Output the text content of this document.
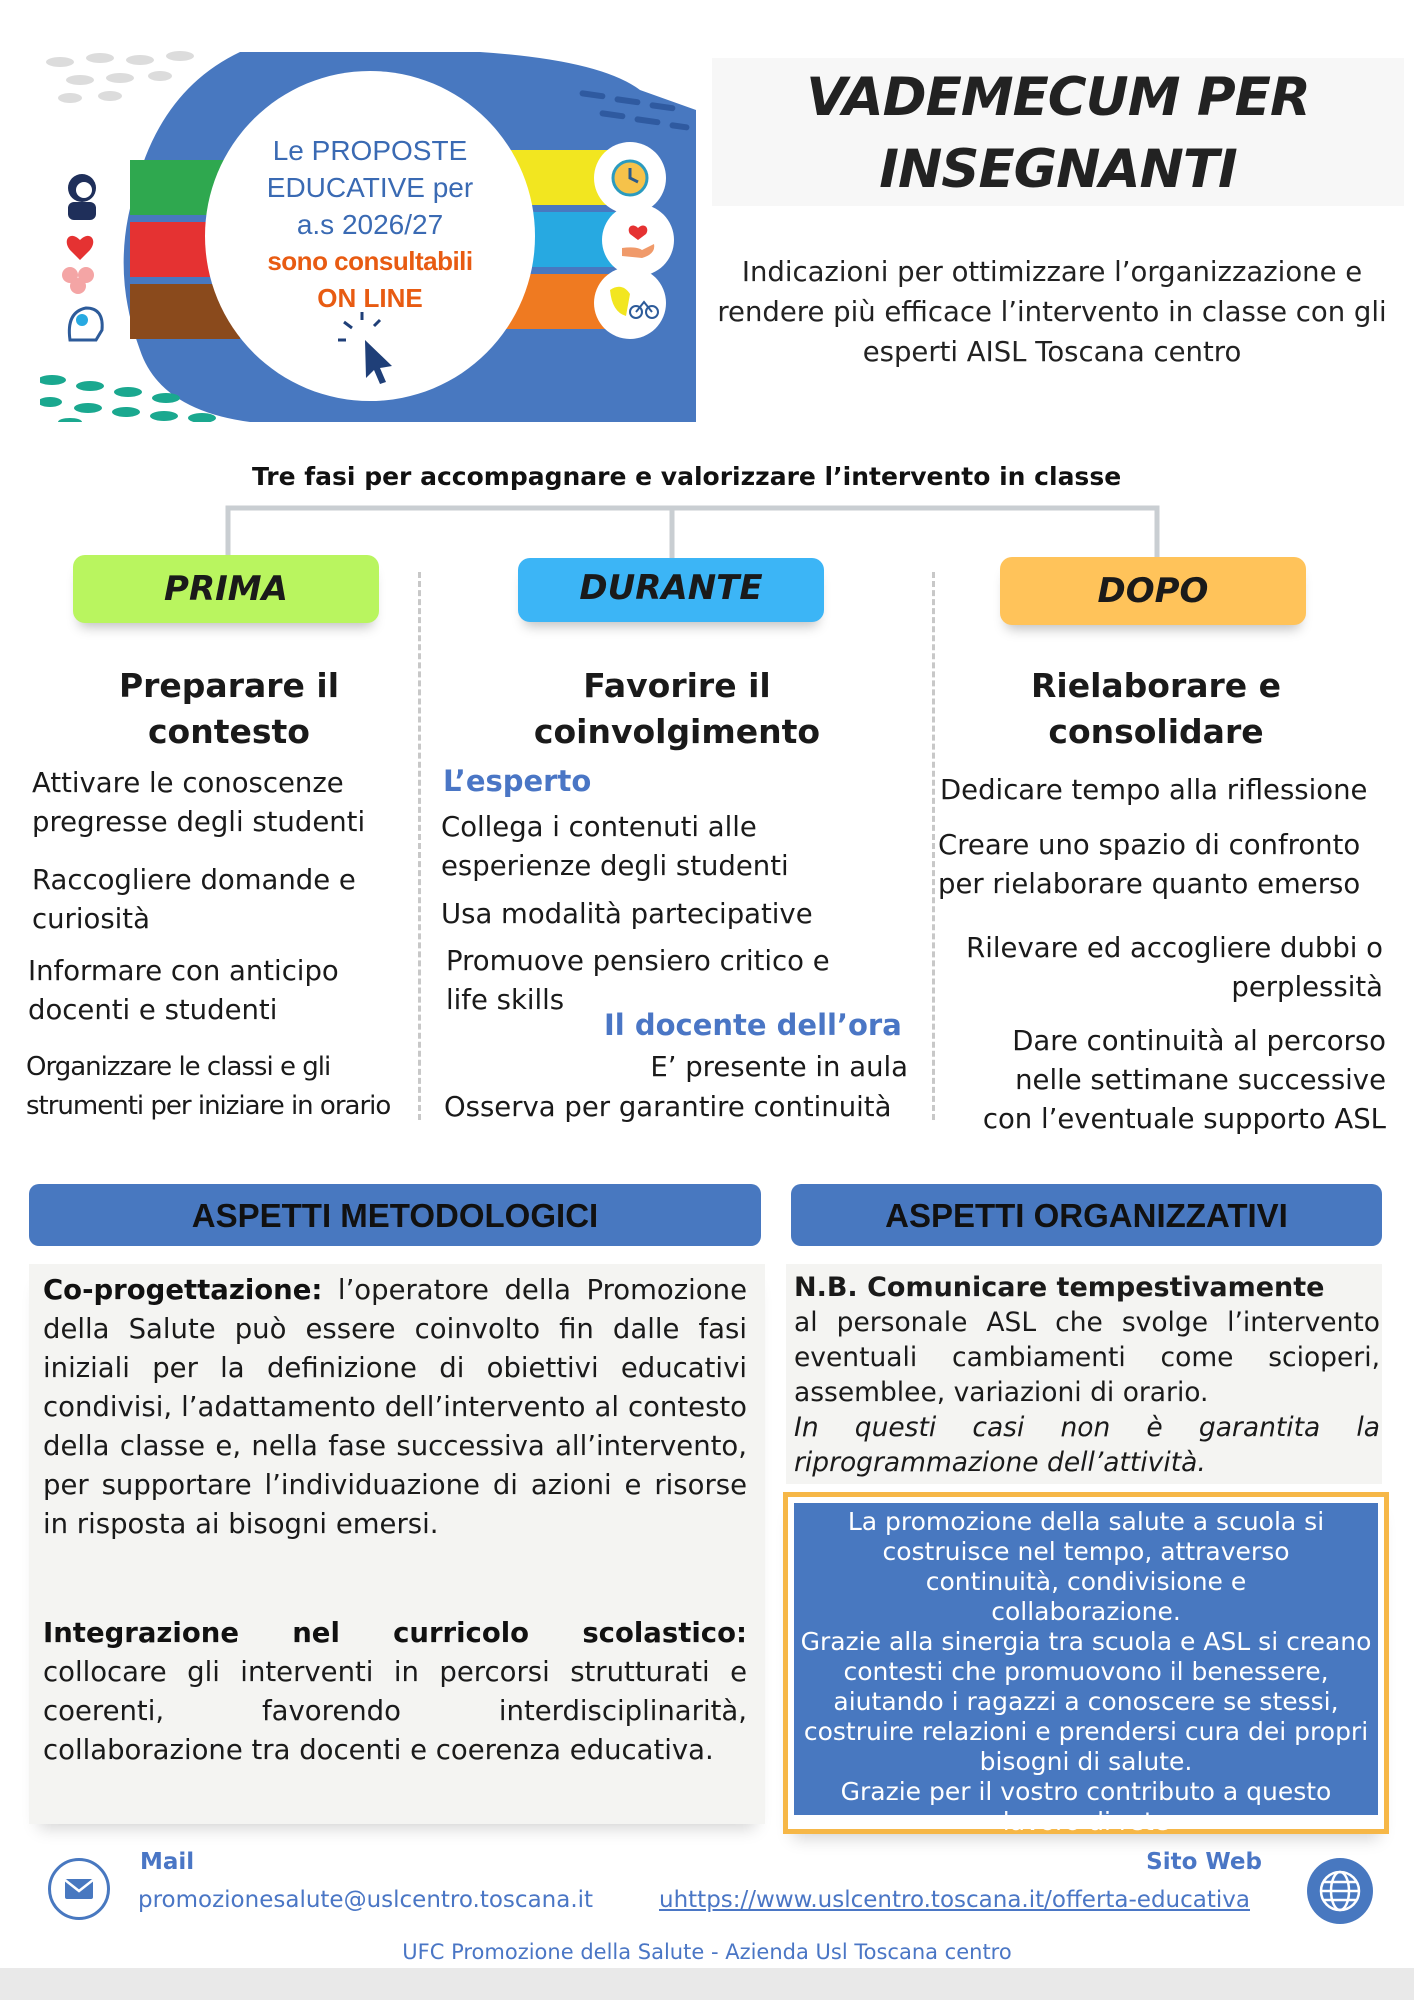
Le PROPOSTE
EDUCATIVE per
a.s 2026/27
sono consultabili
ON LINE
VADEMECUM PER
INSEGNANTI
Indicazioni per ottimizzare l’organizzazione e rendere più efficace l’intervento in classe con gli esperti AISL Toscana centro
Tre fasi per accompagnare e valorizzare l’intervento in classe
PRIMA	DURANTE	DOPO
Preparare il
contesto
Attivare le conoscenze pregresse degli studenti
Raccogliere domande e curiosità
Informare con anticipo docenti e studenti
Organizzare le classi e gli strumenti per iniziare in orario
Favorire il
coinvolgimento
L’esperto
Collega i contenuti alle esperienze degli studenti
Usa modalità partecipative
Promuove pensiero critico e life skills
Il docente dell’ora
E’ presente in aula
Osserva per garantire continuità
Rielaborare e
consolidare
Dedicare tempo alla riflessione
Creare uno spazio di confronto per rielaborare quanto emerso
Rilevare ed accogliere dubbi o perplessità
Dare continuità al percorso nelle settimane successive con l’eventuale supporto ASL
ASPETTI METODOLOGICI
Co-progettazione: l’operatore della Promozione della Salute può essere coinvolto fin dalle fasi iniziali per la definizione di obiettivi educativi condivisi, l’adattamento dell’intervento al contesto della classe e, nella fase successiva all’intervento, per supportare l’individuazione di azioni e risorse in risposta ai bisogni emersi.
Integrazione nel curricolo scolastico: collocare gli interventi in percorsi strutturati e coerenti, favorendo interdisciplinarità, collaborazione tra docenti e coerenza educativa.
ASPETTI ORGANIZZATIVI
N.B. Comunicare tempestivamente
al personale ASL che svolge l’intervento eventuali cambiamenti come scioperi, assemblee, variazioni di orario.
In questi casi non è garantita la riprogrammazione dell’attività.
La promozione della salute a scuola si costruisce nel tempo, attraverso continuità, condivisione e collaborazione.
Grazie alla sinergia tra scuola e ASL si creano contesti che promuovono il benessere, aiutando i ragazzi a conoscere se stessi, costruire relazioni e prendersi cura dei propri bisogni di salute.
Grazie per il vostro contributo a questo lavoro di rete
Mail
promozionesalute@uslcentro.toscana.it
Sito Web
uhttps://www.uslcentro.toscana.it/offerta-educativa
UFC Promozione della Salute - Azienda Usl Toscana centro
